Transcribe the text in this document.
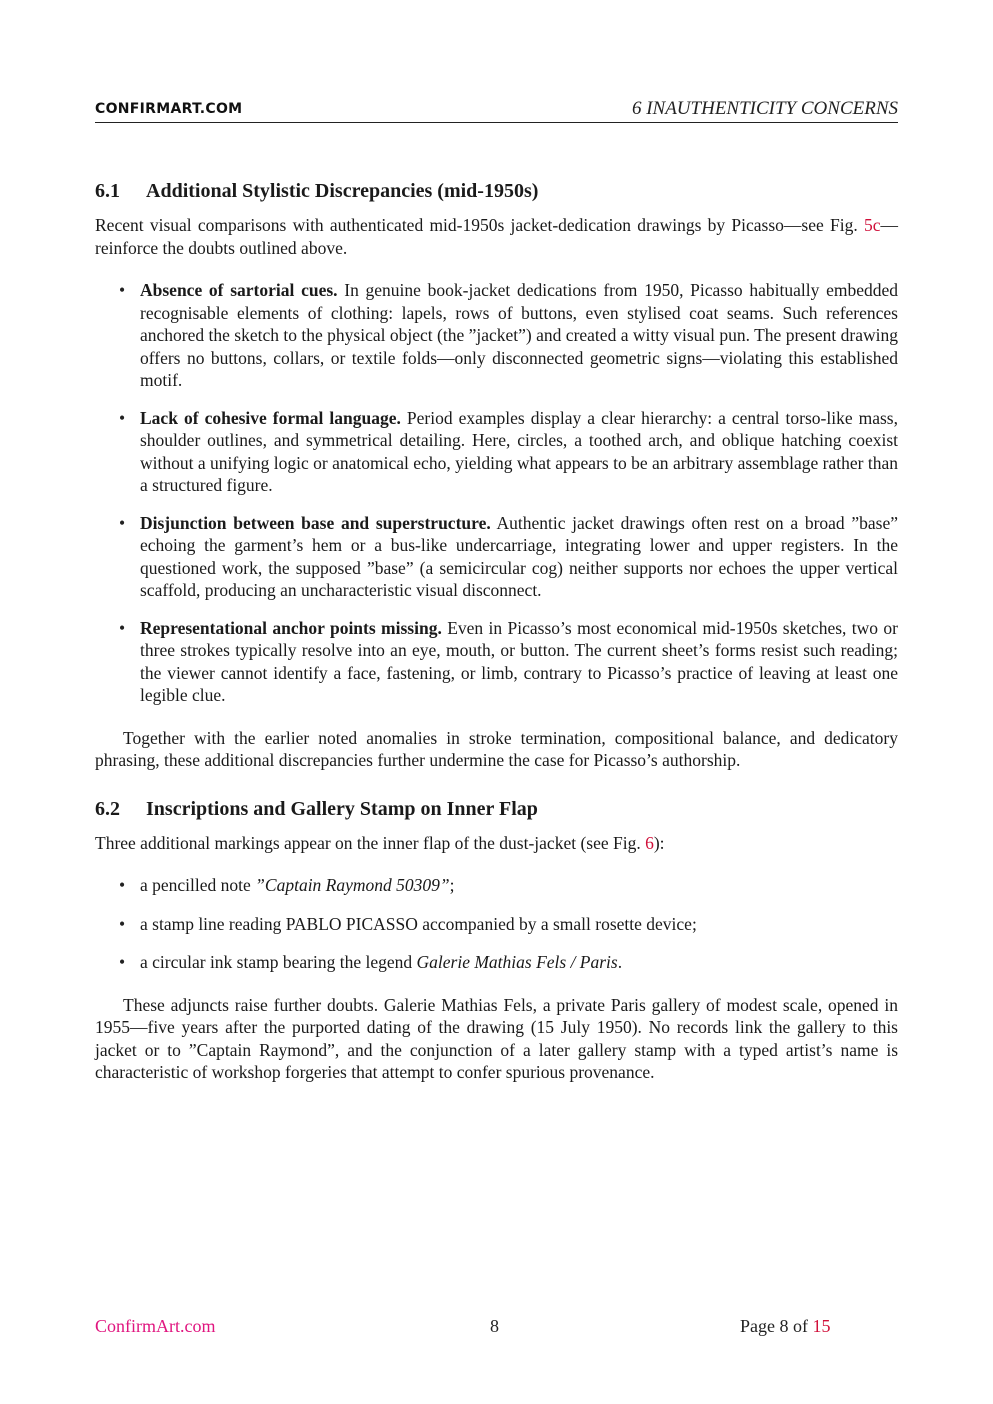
CONFIRMART.COM	6 INAUTHENTICITY CONCERNS
6.1 Additional Stylistic Discrepancies (mid-1950s)

Recent visual comparisons with authenticated mid-1950s jacket-dedication drawings by Picasso—see Fig. 5c—reinforce the doubts outlined above.

• Absence of sartorial cues. In genuine book-jacket dedications from 1950, Picasso habitually embedded recognisable elements of clothing: lapels, rows of buttons, even stylised coat seams. Such references anchored the sketch to the physical object (the ”jacket”) and created a witty visual pun. The present drawing offers no buttons, collars, or textile folds—only disconnected geometric signs—violating this established motif.
• Lack of cohesive formal language. Period examples display a clear hierarchy: a central torso-like mass, shoulder outlines, and symmetrical detailing. Here, circles, a toothed arch, and oblique hatching coexist without a unifying logic or anatomical echo, yielding what appears to be an arbitrary assemblage rather than a structured figure.
• Disjunction between base and superstructure. Authentic jacket drawings often rest on a broad ”base” echoing the garment’s hem or a bus-like undercarriage, integrating lower and upper registers. In the questioned work, the supposed ”base” (a semicircular cog) neither supports nor echoes the upper vertical scaffold, producing an uncharacteristic visual disconnect.
• Representational anchor points missing. Even in Picasso’s most economical mid-1950s sketches, two or three strokes typically resolve into an eye, mouth, or button. The current sheet’s forms resist such reading; the viewer cannot identify a face, fastening, or limb, contrary to Picasso’s practice of leaving at least one legible clue.

Together with the earlier noted anomalies in stroke termination, compositional balance, and dedicatory phrasing, these additional discrepancies further undermine the case for Picasso’s authorship.

6.2 Inscriptions and Gallery Stamp on Inner Flap

Three additional markings appear on the inner flap of the dust-jacket (see Fig. 6):

• a pencilled note ”Captain Raymond 50309”;
• a stamp line reading PABLO PICASSO accompanied by a small rosette device;
• a circular ink stamp bearing the legend Galerie Mathias Fels / Paris.

These adjuncts raise further doubts. Galerie Mathias Fels, a private Paris gallery of modest scale, opened in 1955—five years after the purported dating of the drawing (15 July 1950). No records link the gallery to this jacket or to ”Captain Raymond”, and the conjunction of a later gallery stamp with a typed artist’s name is characteristic of workshop forgeries that attempt to confer spurious provenance.

ConfirmArt.com	8	Page 8 of 15
